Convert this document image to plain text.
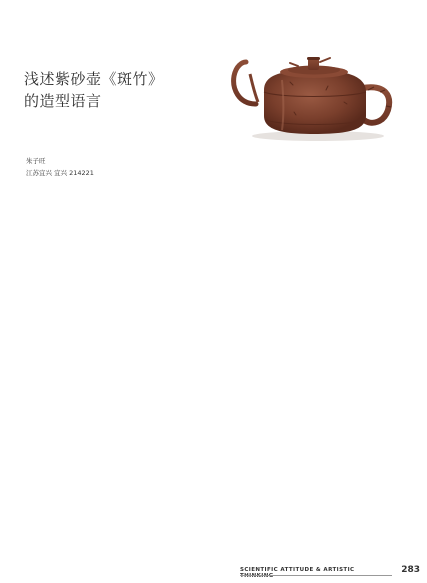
浅述紫砂壶《斑竹》
的造型语言
朱子旺
江苏宜兴 宜兴 214221

SCIENTIFIC ATTITUDE & ARTISTIC THINKING
283
